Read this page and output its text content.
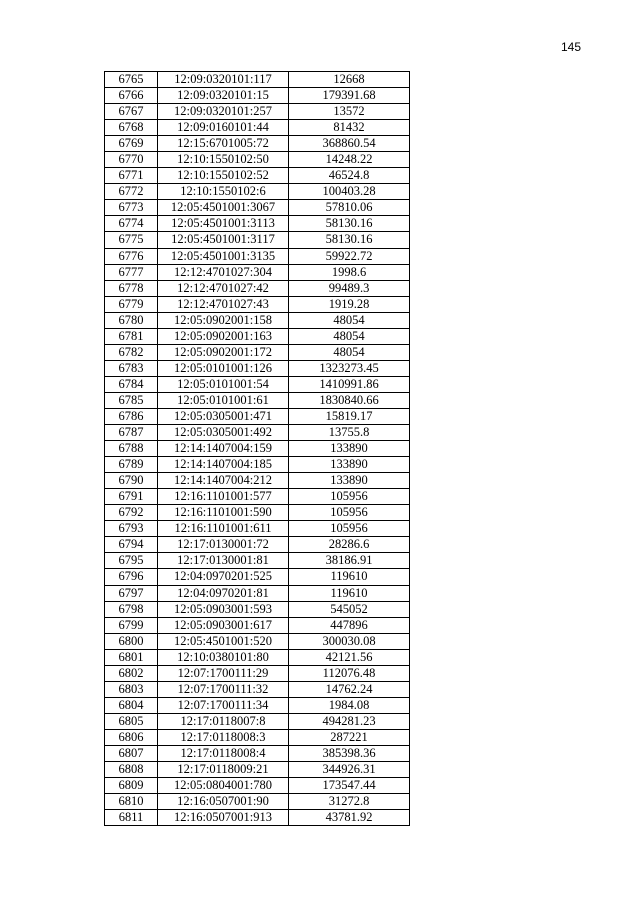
145
6765	12:09:0320101:117	12668
6766	12:09:0320101:15	179391.68
6767	12:09:0320101:257	13572
6768	12:09:0160101:44	81432
6769	12:15:6701005:72	368860.54
6770	12:10:1550102:50	14248.22
6771	12:10:1550102:52	46524.8
6772	12:10:1550102:6	100403.28
6773	12:05:4501001:3067	57810.06
6774	12:05:4501001:3113	58130.16
6775	12:05:4501001:3117	58130.16
6776	12:05:4501001:3135	59922.72
6777	12:12:4701027:304	1998.6
6778	12:12:4701027:42	99489.3
6779	12:12:4701027:43	1919.28
6780	12:05:0902001:158	48054
6781	12:05:0902001:163	48054
6782	12:05:0902001:172	48054
6783	12:05:0101001:126	1323273.45
6784	12:05:0101001:54	1410991.86
6785	12:05:0101001:61	1830840.66
6786	12:05:0305001:471	15819.17
6787	12:05:0305001:492	13755.8
6788	12:14:1407004:159	133890
6789	12:14:1407004:185	133890
6790	12:14:1407004:212	133890
6791	12:16:1101001:577	105956
6792	12:16:1101001:590	105956
6793	12:16:1101001:611	105956
6794	12:17:0130001:72	28286.6
6795	12:17:0130001:81	38186.91
6796	12:04:0970201:525	119610
6797	12:04:0970201:81	119610
6798	12:05:0903001:593	545052
6799	12:05:0903001:617	447896
6800	12:05:4501001:520	300030.08
6801	12:10:0380101:80	42121.56
6802	12:07:1700111:29	112076.48
6803	12:07:1700111:32	14762.24
6804	12:07:1700111:34	1984.08
6805	12:17:0118007:8	494281.23
6806	12:17:0118008:3	287221
6807	12:17:0118008:4	385398.36
6808	12:17:0118009:21	344926.31
6809	12:05:0804001:780	173547.44
6810	12:16:0507001:90	31272.8
6811	12:16:0507001:913	43781.92
